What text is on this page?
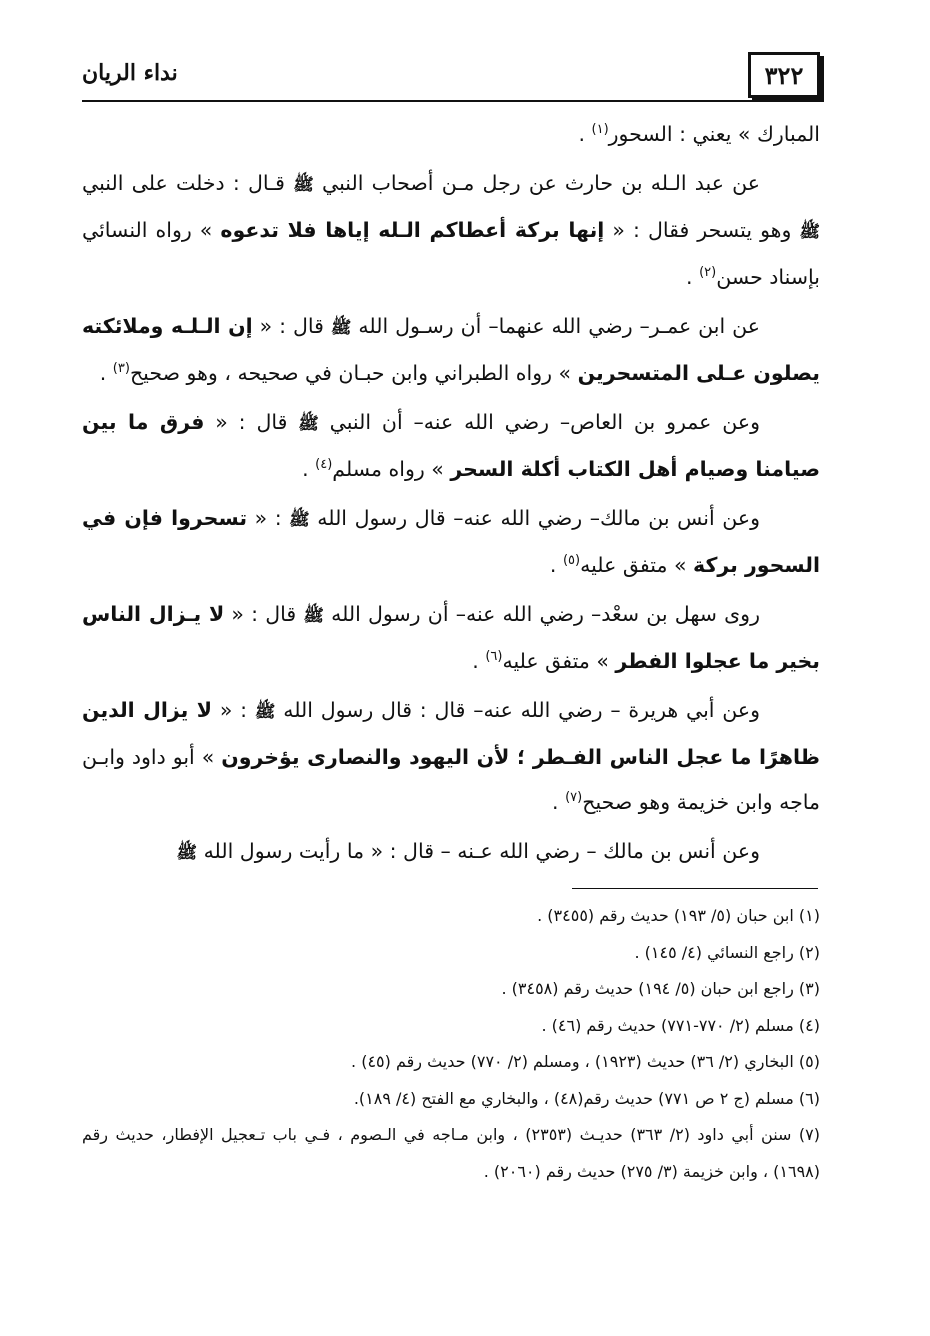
٣٢٢
نداء الريان

المبارك » يعني : السحور$^{(١)}$ .

عن عبد الـله بن حارث عن رجل مـن أصحاب النبي ﷺ قـال : دخلت على النبي ﷺ وهو يتسحر فقال : « إنها بركة أعطاكم الـله إياها فلا تدعوه » رواه النسائي بإسناد حسن$^{(٢)}$ .

عن ابن عمـر– رضي الله عنهما– أن رسـول الله ﷺ قال : « إن الـلـه وملائكته يصلون عـلى المتسحرين » رواه الطبراني وابن حبـان في صحيحه ، وهو صحيح$^{(٣)}$ .

وعن عمرو بن العاص– رضي الله عنه– أن النبي ﷺ قال : « فرق ما بين صيامنا وصيام أهل الكتاب أكلة السحر » رواه مسلم$^{(٤)}$ .

وعن أنس بن مالك– رضي الله عنه– قال رسول الله ﷺ : « تسحروا فإن في السحور بركة » متفق عليه$^{(٥)}$ .

روى سهل بن سعْد– رضي الله عنه– أن رسول الله ﷺ قال : « لا يـزال الناس بخير ما عجلوا الفطر » متفق عليه$^{(٦)}$ .

وعن أبي هريرة – رضي الله عنه– قال : قال رسول الله ﷺ : « لا يزال الدين ظاهرًا ما عجل الناس الفـطر ؛ لأن اليهود والنصارى يؤخرون » أبو داود وابـن ماجه وابن خزيمة وهو صحيح$^{(٧)}$ .

وعن أنس بن مالك – رضي الله عـنه – قال : « ما رأيت رسول الله ﷺ

(١) ابن حبان (٥/ ١٩٣) حديث رقم (٣٤٥٥) .

(٢) راجع النسائي (٤/ ١٤٥) .

(٣) راجع ابن حبان (٥/ ١٩٤) حديث رقم (٣٤٥٨) .

(٤) مسلم (٢/ ٧٧٠-٧٧١) حديث رقم (٤٦) .

(٥) البخاري (٢/ ٣٦) حديث (١٩٢٣) ، ومسلم (٢/ ٧٧٠) حديث رقم (٤٥) .

(٦) مسلم (ج ٢ ص ٧٧١) حديث رقم(٤٨) ، والبخاري مع الفتح (٤/ ١٨٩).

(٧) سنن أبي داود (٢/ ٣٦٣) حديـث (٢٣٥٣) ، وابن مـاجه في الـصوم ، فـي باب تـعجيل الإفطار، حديث رقم (١٦٩٨) ، وابن خزيمة (٣/ ٢٧٥) حديث رقم (٢٠٦٠) .
